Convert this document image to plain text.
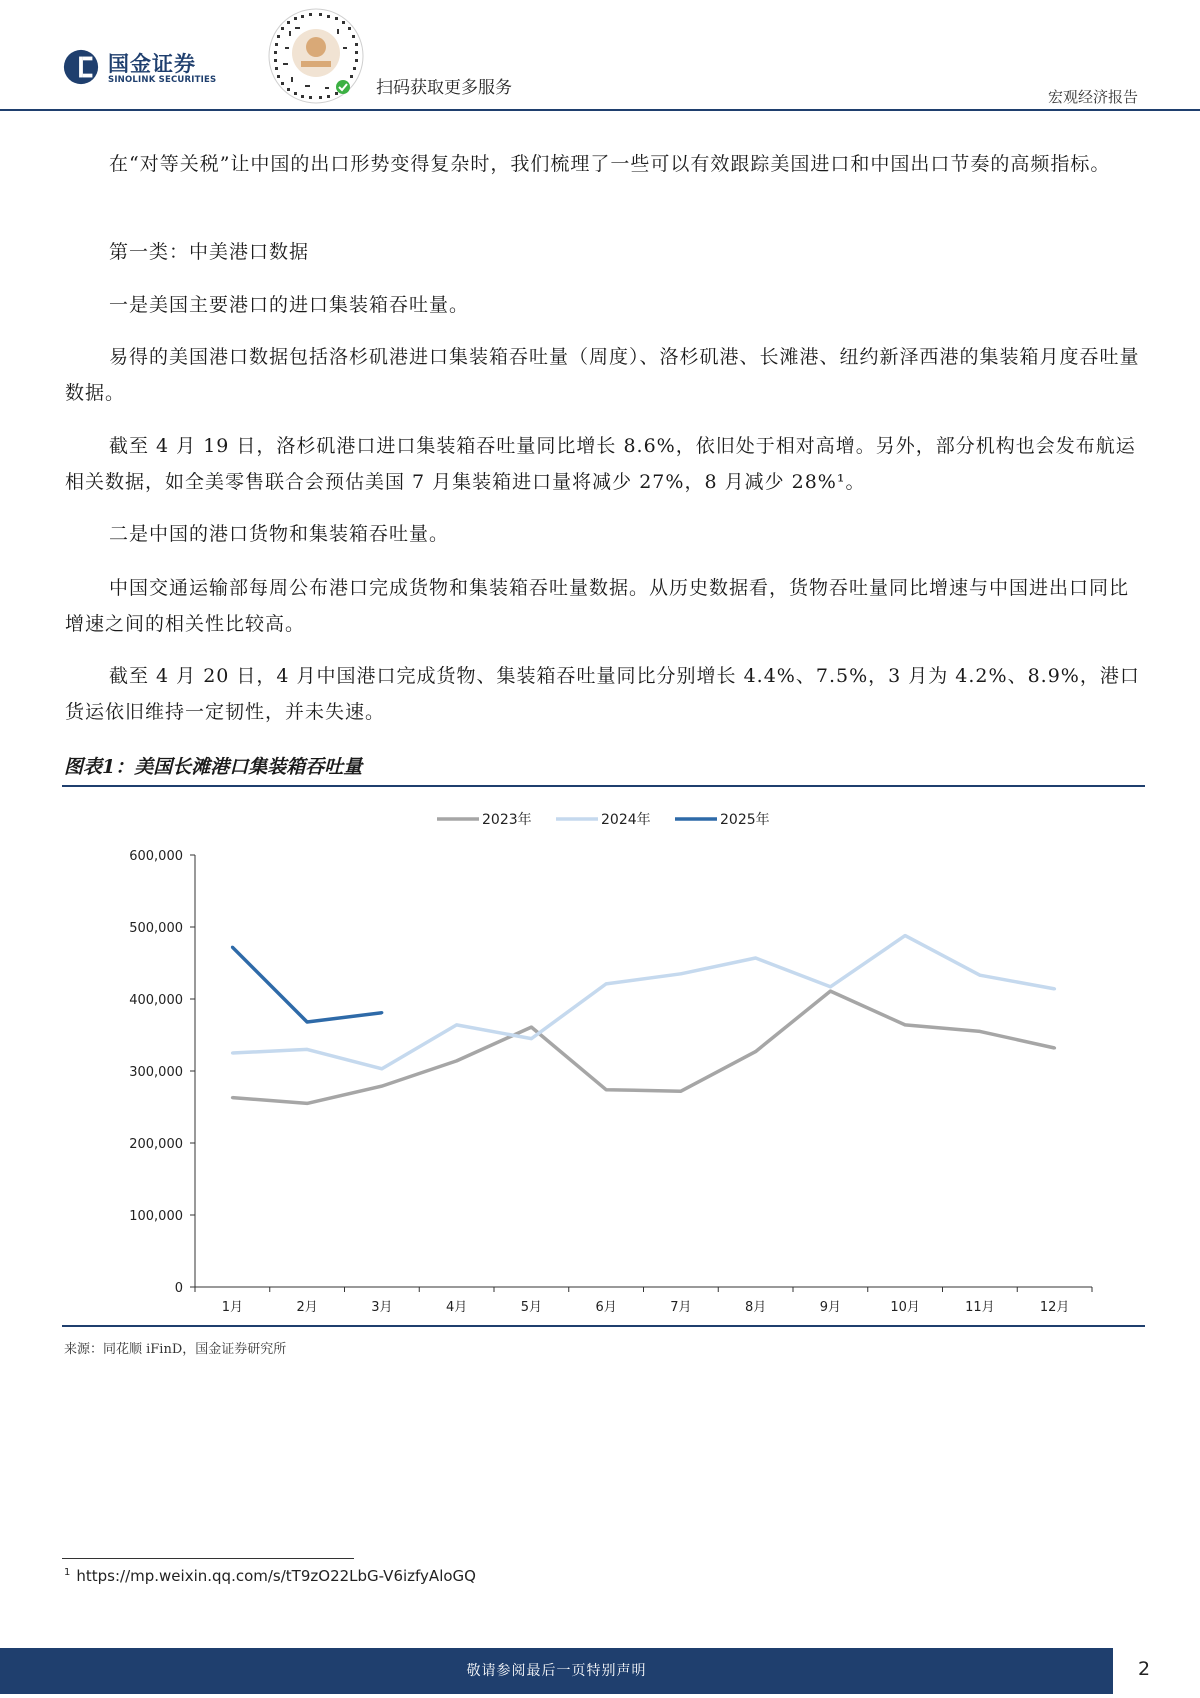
国金证券
SINOLINK SECURITIES	扫码获取更多服务	宏观经济报告

在“对等关税”让中国的出口形势变得复杂时，我们梳理了一些可以有效跟踪美国进口和中国出口节奏的高频指标。

第一类：中美港口数据

一是美国主要港口的进口集装箱吞吐量。

易得的美国港口数据包括洛杉矶港进口集装箱吞吐量（周度）、洛杉矶港、长滩港、纽约新泽西港的集装箱月度吞吐量数据。

截至 4 月 19 日，洛杉矶港口进口集装箱吞吐量同比增长 8.6%，依旧处于相对高增。另外，部分机构也会发布航运相关数据，如全美零售联合会预估美国 7 月集装箱进口量将减少 27%，8 月减少 28%¹。

二是中国的港口货物和集装箱吞吐量。

中国交通运输部每周公布港口完成货物和集装箱吞吐量数据。从历史数据看，货物吞吐量同比增速与中国进出口同比增速之间的相关性比较高。

截至 4 月 20 日，4 月中国港口完成货物、集装箱吞吐量同比分别增长 4.4%、7.5%，3 月为 4.2%、8.9%，港口货运依旧维持一定韧性，并未失速。

图表1：美国长滩港口集装箱吞吐量
0
100,000
200,000
300,000
400,000
500,000
600,000
1月	2月	3月	4月	5月	6月	7月	8月	9月	10月	11月	12月
2023年	2024年	2025年
来源：同花顺 iFinD，国金证券研究所
$^1$ https://mp.weixin.qq.com/s/tT9zO22LbG-V6izfyAloGQ
敬请参阅最后一页特别声明	2
